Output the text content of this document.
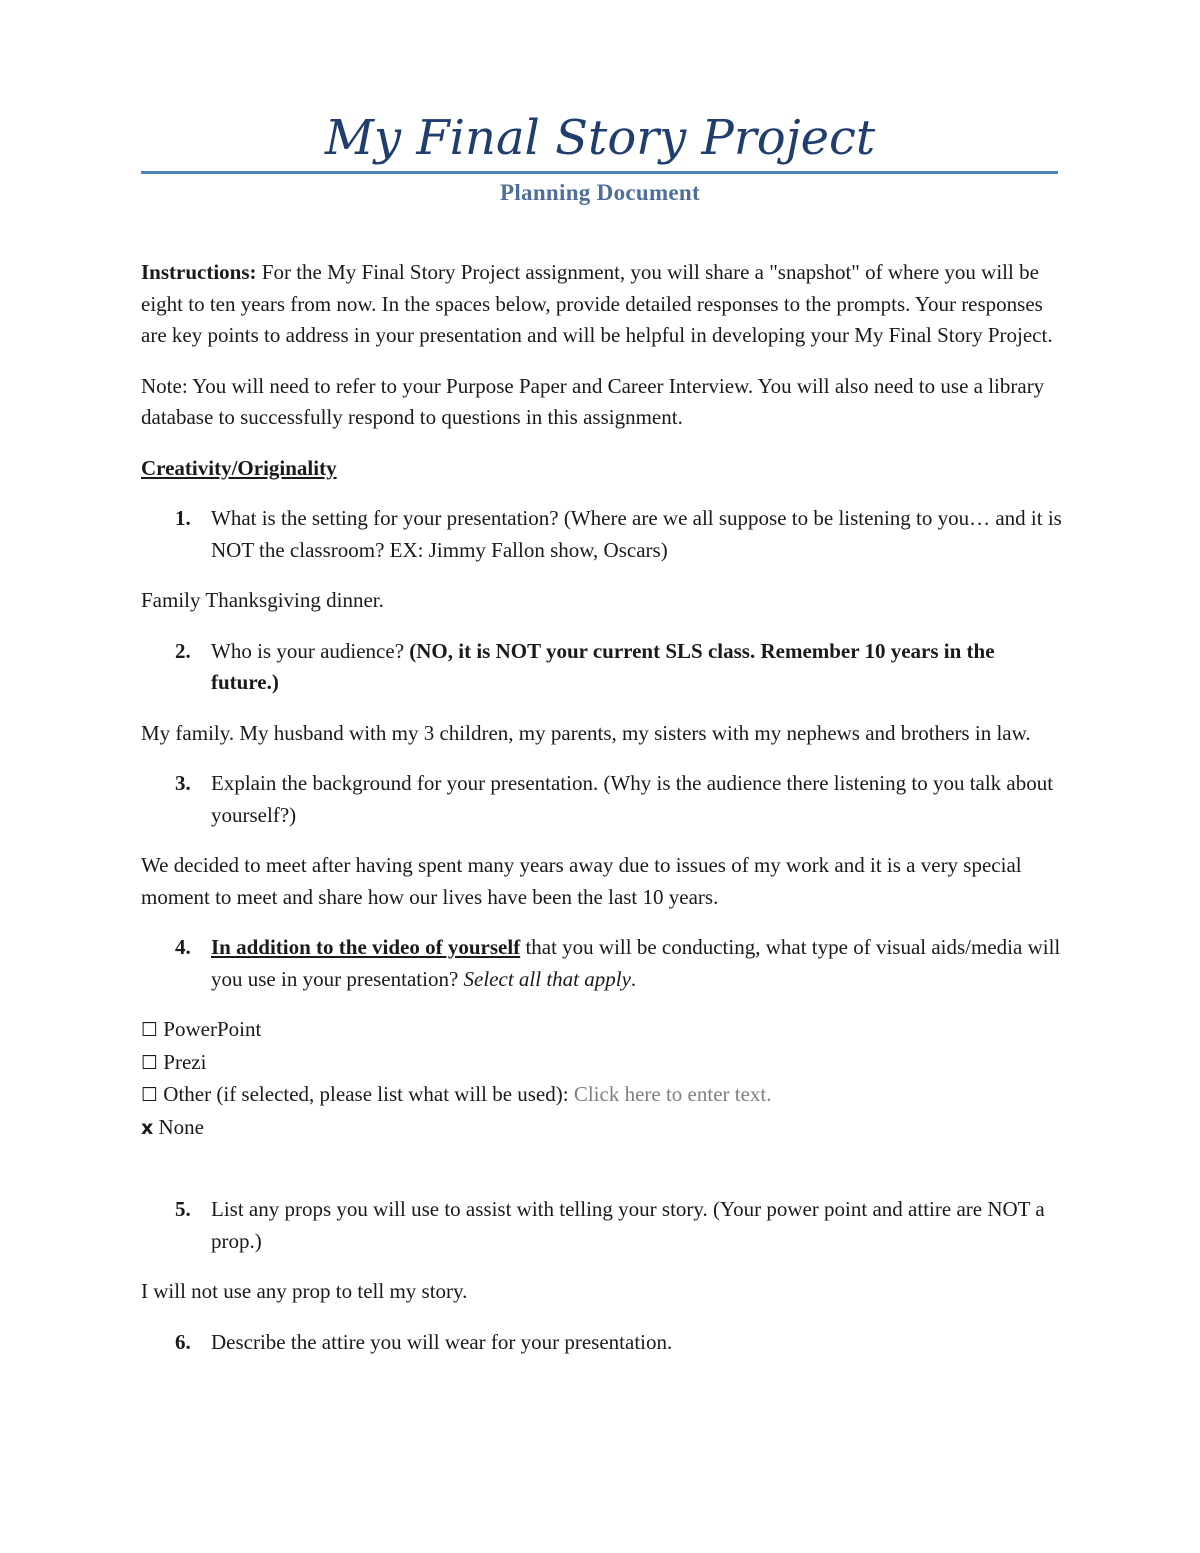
My Final Story Project
Planning Document

Instructions: For the My Final Story Project assignment, you will share a "snapshot" of where you will be eight to ten years from now. In the spaces below, provide detailed responses to the prompts. Your responses are key points to address in your presentation and will be helpful in developing your My Final Story Project.

Note: You will need to refer to your Purpose Paper and Career Interview. You will also need to use a library database to successfully respond to questions in this assignment.

Creativity/Originality

1. What is the setting for your presentation? (Where are we all suppose to be listening to you… and it is NOT the classroom? EX: Jimmy Fallon show, Oscars)

Family Thanksgiving dinner.

2. Who is your audience? (NO, it is NOT your current SLS class. Remember 10 years in the future.)

My family. My husband with my 3 children, my parents, my sisters with my nephews and brothers in law.

3. Explain the background for your presentation. (Why is the audience there listening to you talk about yourself?)

We decided to meet after having spent many years away due to issues of my work and it is a very special moment to meet and share how our lives have been the last 10 years.

4. In addition to the video of yourself that you will be conducting, what type of visual aids/media will you use in your presentation? Select all that apply.
☐ PowerPoint
☐ Prezi
☐ Other (if selected, please list what will be used): Click here to enter text.
x None
5. List any props you will use to assist with telling your story. (Your power point and attire are NOT a prop.)

I will not use any prop to tell my story.

6. Describe the attire you will wear for your presentation.
